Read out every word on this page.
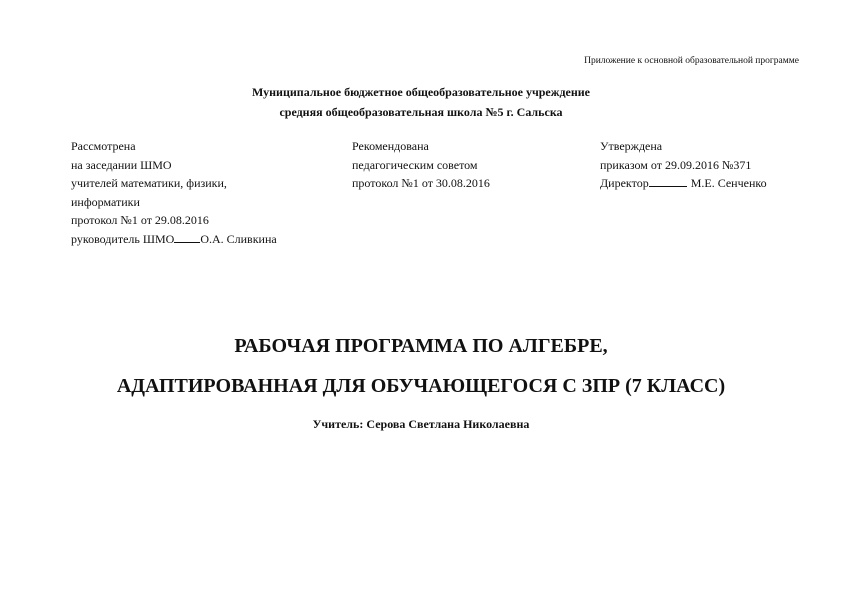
Приложение к основной образовательной программе
Муниципальное бюджетное общеобразовательное учреждение
средняя общеобразовательная школа №5 г. Сальска
Рассмотрена
на заседании ШМО
учителей математики, физики,
информатики
протокол №1 от 29.08.2016
руководитель ШМО О.А. Сливкина
Рекомендована
педагогическим советом
протокол №1 от 30.08.2016
Утверждена
приказом от 29.09.2016 №371
Директор	М.Е. Сенченко
РАБОЧАЯ ПРОГРАММА ПО АЛГЕБРЕ,
АДАПТИРОВАННАЯ ДЛЯ ОБУЧАЮЩЕГОСЯ С ЗПР (7 КЛАСС)
Учитель: Серова Светлана Николаевна
